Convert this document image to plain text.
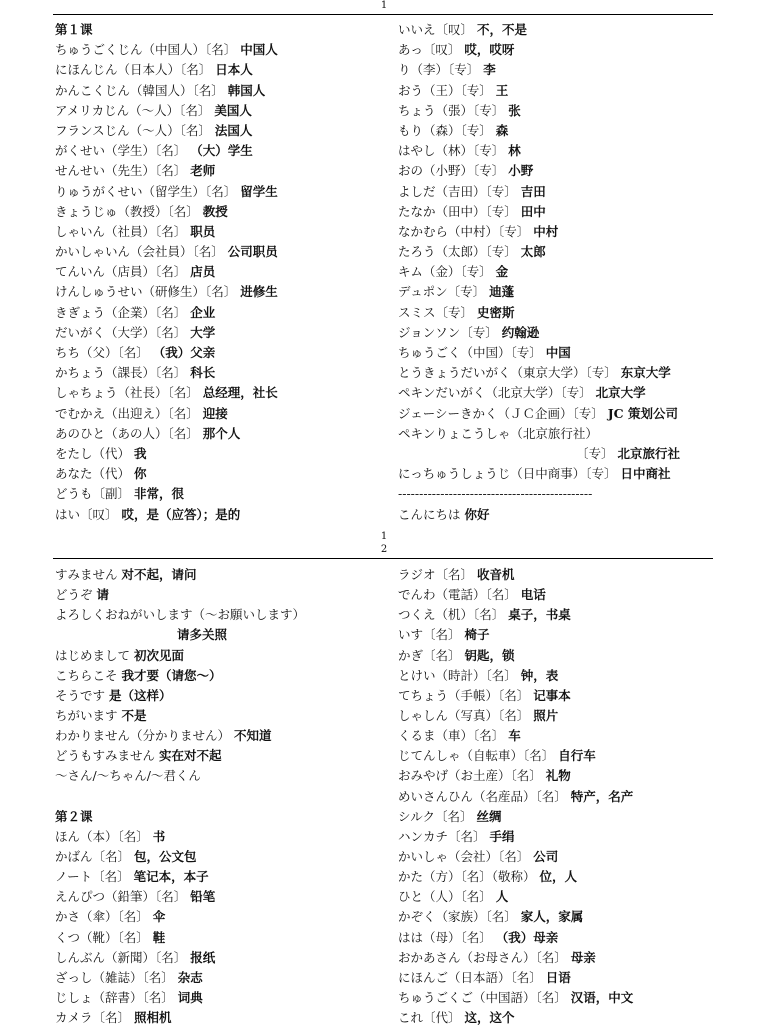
1
第１课
ちゅうごくじん（中国人）〔名〕 中国人
にほんじん（日本人）〔名〕 日本人
かんこくじん（韓国人）〔名〕 韩国人
アメリカじん（～人）〔名〕 美国人
フランスじん（～人）〔名〕 法国人
がくせい（学生）〔名〕 （大）学生
せんせい（先生）〔名〕 老师
りゅうがくせい（留学生）〔名〕 留学生
きょうじゅ（教授）〔名〕 教授
しゃいん（社員）〔名〕 职员
かいしゃいん（会社員）〔名〕 公司职员
てんいん（店員）〔名〕 店员
けんしゅうせい（研修生）〔名〕 进修生
きぎょう（企業）〔名〕 企业
だいがく（大学）〔名〕 大学
ちち（父）〔名〕 （我）父亲
かちょう（課長）〔名〕 科长
しゃちょう（社長）〔名〕 总经理，社长
でむかえ（出迎え）〔名〕 迎接
あのひと（あの人）〔名〕 那个人
をたし（代） 我
あなた（代） 你
どうも〔副〕 非常，很
はい〔叹〕 哎，是（应答）；是的
いいえ〔叹〕 不，不是
あっ〔叹〕 哎，哎呀
り（李）〔专〕 李
おう（王）〔专〕 王
ちょう（張）〔专〕 张
もり（森）〔专〕 森
はやし（林）〔专〕 林
おの（小野）〔专〕 小野
よしだ（吉田）〔专〕 吉田
たなか（田中）〔专〕 田中
なかむら（中村）〔专〕 中村
たろう（太郎）〔专〕 太郎
キム（金）〔专〕 金
デュポン〔专〕 迪蓬
スミス〔专〕 史密斯
ジョンソン〔专〕 约翰逊
ちゅうごく（中国）〔专〕 中国
とうきょうだいがく（東京大学）〔专〕 东京大学
ペキンだいがく（北京大学）〔专〕 北京大学
ジェーシーきかく（ＪＣ企画）〔专〕 JC 策划公司
ペキンりょこうしゃ（北京旅行社）
〔专〕 北京旅行社
にっちゅうしょうじ（日中商事）〔专〕 日中商社
----------------------------------------------
こんにちは 你好
1
2
すみません 对不起，请问
どうぞ 请
よろしくおねがいします（～お願いします）
请多关照
はじめまして 初次见面
こちらこそ 我才要（请您～）
そうです 是（这样）
ちがいます 不是
わかりません（分かりません） 不知道
どうもすみません 实在对不起
～さん/～ちゃん/～君くん
第２课
ほん（本）〔名〕 书
かばん〔名〕 包，公文包
ノート〔名〕 笔记本，本子
えんぴつ（鉛筆）〔名〕 铅笔
かさ（傘）〔名〕 伞
くつ（靴）〔名〕 鞋
しんぶん（新聞）〔名〕 报纸
ざっし（雑誌）〔名〕 杂志
じしょ（辞書）〔名〕 词典
カメラ〔名〕 照相机
ラジオ〔名〕 收音机
でんわ（電話）〔名〕 电话
つくえ（机）〔名〕 桌子，书桌
いす〔名〕 椅子
かぎ〔名〕 钥匙，锁
とけい（時計）〔名〕 钟，表
てちょう（手帳）〔名〕 记事本
しゃしん（写真）〔名〕 照片
くるま（車）〔名〕 车
じてんしゃ（自転車）〔名〕 自行车
おみやげ（お土産）〔名〕 礼物
めいさんひん（名産品）〔名〕 特产，名产
シルク〔名〕 丝绸
ハンカチ〔名〕 手绢
かいしゃ（会社）〔名〕 公司
かた（方）〔名〕（敬称） 位，人
ひと（人）〔名〕 人
かぞく（家族）〔名〕 家人，家属
はは（母）〔名〕 （我）母亲
おかあさん（お母さん）〔名〕 母亲
にほんご（日本語）〔名〕 日语
ちゅうごくご（中国語）〔名〕 汉语，中文
これ〔代〕 这，这个
